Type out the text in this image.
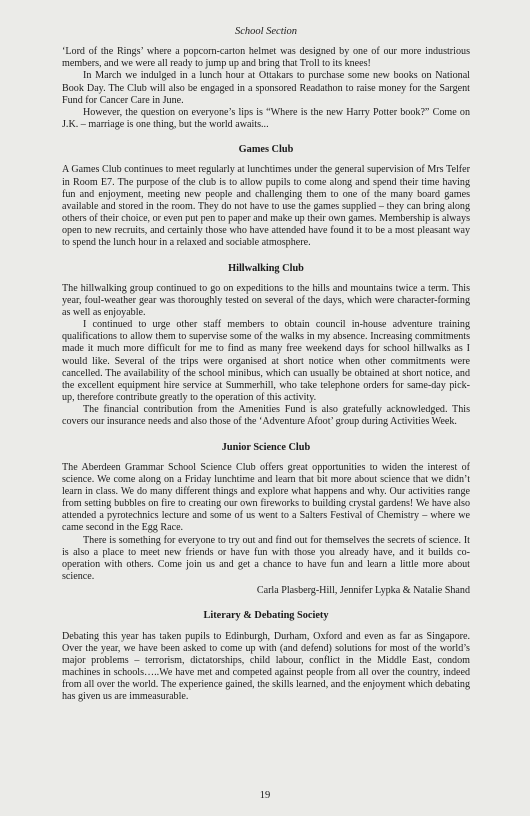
School Section

‘Lord of the Rings’ where a popcorn-carton helmet was designed by one of our more industrious members, and we were all ready to jump up and bring that Troll to its knees!

In March we indulged in a lunch hour at Ottakars to purchase some new books on National Book Day. The Club will also be engaged in a sponsored Readathon to raise money for the Sargent Fund for Cancer Care in June.

However, the question on everyone’s lips is “Where is the new Harry Potter book?” Come on J.K. – marriage is one thing, but the world awaits...

Games Club

A Games Club continues to meet regularly at lunchtimes under the general supervision of Mrs Telfer in Room E7. The purpose of the club is to allow pupils to come along and spend their time having fun and enjoyment, meeting new people and challenging them to one of the many board games available and stored in the room. They do not have to use the games supplied – they can bring along others of their choice, or even put pen to paper and make up their own games. Membership is always open to new recruits, and certainly those who have attended have found it to be a most pleasant way to spend the lunch hour in a relaxed and sociable atmosphere.

Hillwalking Club

The hillwalking group continued to go on expeditions to the hills and mountains twice a term. This year, foul-weather gear was thoroughly tested on several of the days, which were character-forming as well as enjoyable.

I continued to urge other staff members to obtain council in-house adventure training qualifications to allow them to supervise some of the walks in my absence. Increasing commitments made it much more difficult for me to find as many free weekend days for school hillwalks as I would like. Several of the trips were organised at short notice when other commitments were cancelled. The availability of the school minibus, which can usually be obtained at short notice, and the excellent equipment hire service at Summerhill, who take telephone orders for same-day pick-up, therefore contribute greatly to the operation of this activity.

The financial contribution from the Amenities Fund is also gratefully acknowledged. This covers our insurance needs and also those of the ‘Adventure Afoot’ group during Activities Week.

Junior Science Club

The Aberdeen Grammar School Science Club offers great opportunities to widen the interest of science. We come along on a Friday lunchtime and learn that bit more about science that we didn’t learn in class. We do many different things and explore what happens and why. Our activities range from setting bubbles on fire to creating our own fireworks to building crystal gardens! We have also attended a pyrotechnics lecture and some of us went to a Salters Festival of Chemistry – where we came second in the Egg Race.

There is something for everyone to try out and find out for themselves the secrets of science. It is also a place to meet new friends or have fun with those you already have, and it builds co-operation with others. Come join us and get a chance to have fun and learn a little more about science.

Carla Plasberg-Hill, Jennifer Lypka & Natalie Shand

Literary & Debating Society

Debating this year has taken pupils to Edinburgh, Durham, Oxford and even as far as Singapore. Over the year, we have been asked to come up with (and defend) solutions for most of the world’s major problems – terrorism, dictatorships, child labour, conflict in the Middle East, condom machines in schools…..We have met and competed against people from all over the country, indeed from all over the world. The experience gained, the skills learned, and the enjoyment which debating has given us are immeasurable.

19
